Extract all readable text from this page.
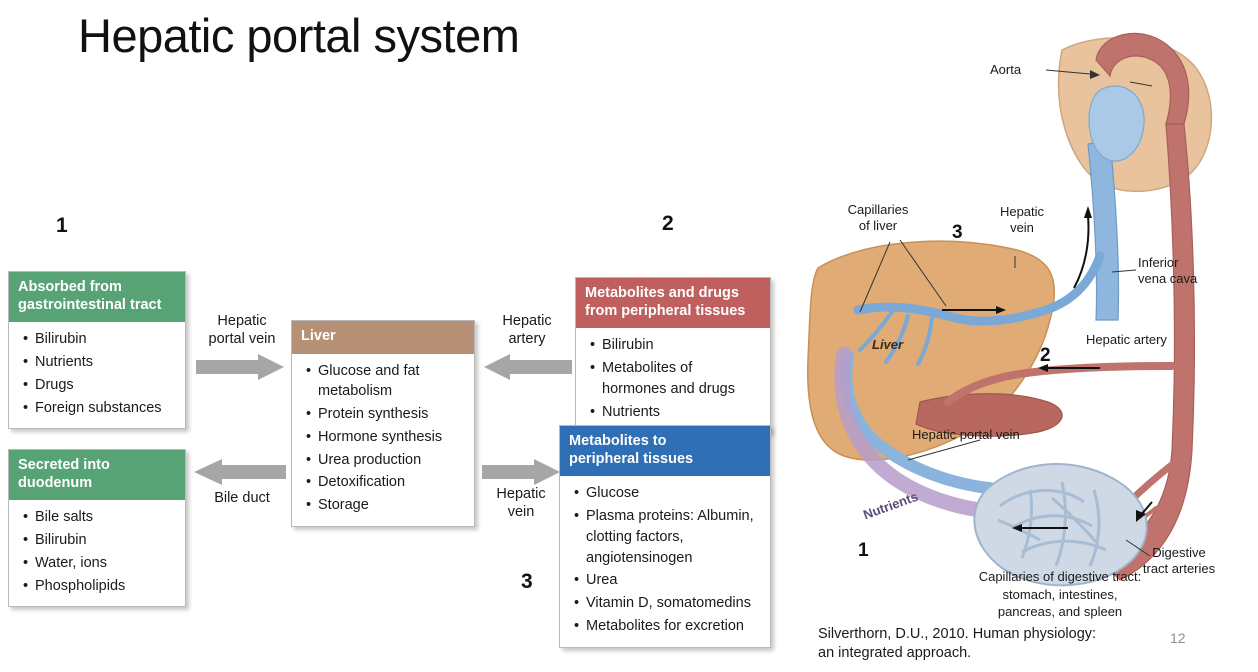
Hepatic portal system
1	2
3
Absorbed from
gastrointestinal tract
• Bilirubin
• Nutrients
• Drugs
• Foreign substances
Secreted into
duodenum
• Bile salts
• Bilirubin
• Water, ions
• Phospholipids
Liver
• Glucose and fat metabolism
• Protein synthesis
• Hormone synthesis
• Urea production
• Detoxification
• Storage
Metabolites and drugs
from peripheral tissues
• Bilirubin
• Metabolites of hormones and drugs
• Nutrients
Metabolites to
peripheral tissues
• Glucose
• Plasma proteins: Albumin, clotting factors, angiotensinogen
• Urea
• Vitamin D, somatomedins
• Metabolites for excretion
Hepatic
portal vein
Hepatic
artery
Bile duct	Hepatic
vein
Aorta
Capillaries
of liver
Hepatic
vein
Inferior
vena cava
Hepatic artery
Hepatic portal vein
Digestive
tract arteries
Liver
Nutrients
3
2
1
Capillaries of digestive tract:
stomach, intestines,
pancreas, and spleen
Silverthorn, D.U., 2010. Human physiology:
an integrated approach.
12
